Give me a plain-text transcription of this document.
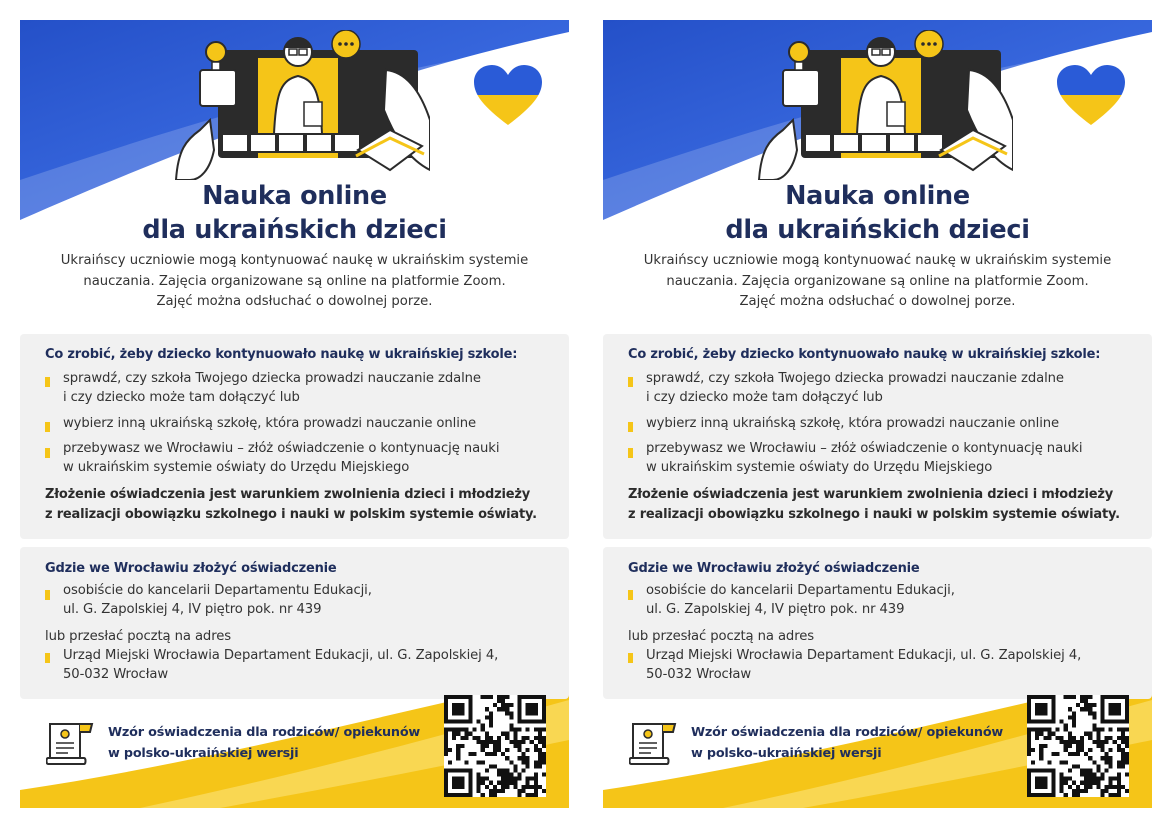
Nauka online
dla ukraińskich dzieci
Ukraińscy uczniowie mogą kontynuować naukę w ukraińskim systemie
nauczania. Zajęcia organizowane są online na platformie Zoom.
Zajęć można odsłuchać o dowolnej porze.
Co zrobić, żeby dziecko kontynuowało naukę w ukraińskiej szkole:
sprawdź, czy szkoła Twojego dziecka prowadzi nauczanie zdalne
i czy dziecko może tam dołączyć lub
wybierz inną ukraińską szkołę, która prowadzi nauczanie online
przebywasz we Wrocławiu – złóż oświadczenie o kontynuację nauki
w ukraińskim systemie oświaty do Urzędu Miejskiego
Złożenie oświadczenia jest warunkiem zwolnienia dzieci i młodzieży
z realizacji obowiązku szkolnego i nauki w polskim systemie oświaty.
Gdzie we Wrocławiu złożyć oświadczenie
osobiście do kancelarii Departamentu Edukacji,
ul. G. Zapolskiej 4, IV piętro pok. nr 439
lub przesłać pocztą na adres
Urząd Miejski Wrocławia Departament Edukacji, ul. G. Zapolskiej 4,
50-032 Wrocław
Wzór oświadczenia dla rodziców/ opiekunów
w polsko-ukraińskiej wersji
Nauka online
dla ukraińskich dzieci
Ukraińscy uczniowie mogą kontynuować naukę w ukraińskim systemie
nauczania. Zajęcia organizowane są online na platformie Zoom.
Zajęć można odsłuchać o dowolnej porze.
Co zrobić, żeby dziecko kontynuowało naukę w ukraińskiej szkole:
sprawdź, czy szkoła Twojego dziecka prowadzi nauczanie zdalne
i czy dziecko może tam dołączyć lub
wybierz inną ukraińską szkołę, która prowadzi nauczanie online
przebywasz we Wrocławiu – złóż oświadczenie o kontynuację nauki
w ukraińskim systemie oświaty do Urzędu Miejskiego
Złożenie oświadczenia jest warunkiem zwolnienia dzieci i młodzieży
z realizacji obowiązku szkolnego i nauki w polskim systemie oświaty.
Gdzie we Wrocławiu złożyć oświadczenie
osobiście do kancelarii Departamentu Edukacji,
ul. G. Zapolskiej 4, IV piętro pok. nr 439
lub przesłać pocztą na adres
Urząd Miejski Wrocławia Departament Edukacji, ul. G. Zapolskiej 4,
50-032 Wrocław
Wzór oświadczenia dla rodziców/ opiekunów
w polsko-ukraińskiej wersji
